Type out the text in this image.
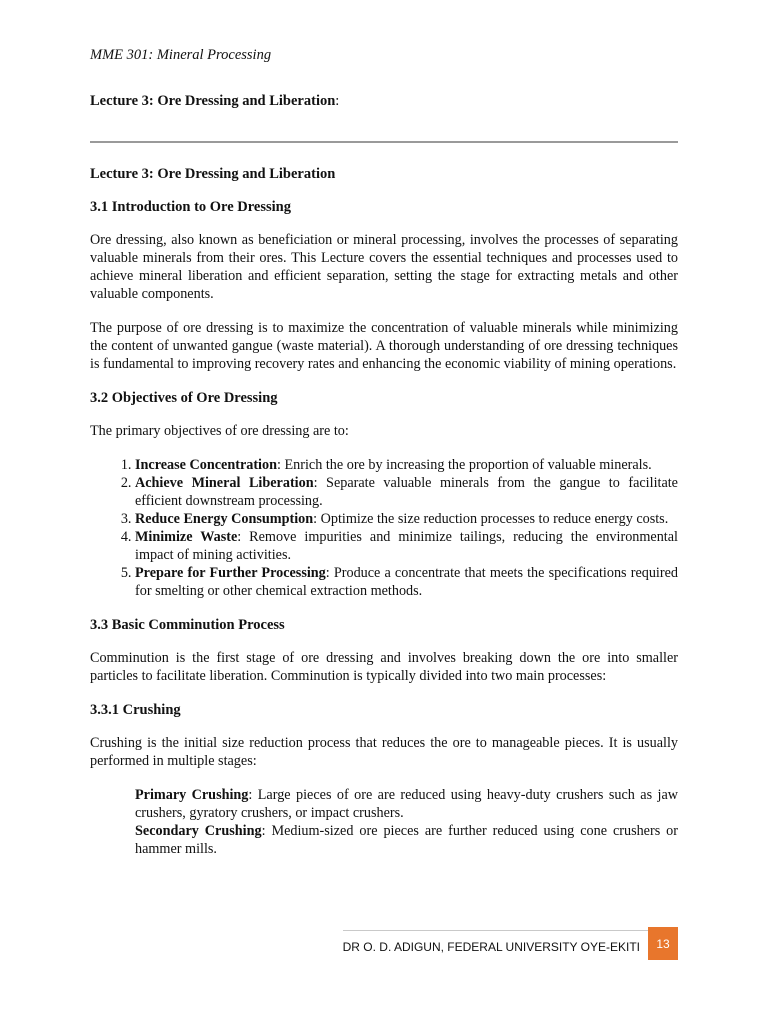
MME 301: Mineral Processing
Lecture 3: Ore Dressing and Liberation:
Lecture 3: Ore Dressing and Liberation
3.1 Introduction to Ore Dressing

Ore dressing, also known as beneficiation or mineral processing, involves the processes of separating valuable minerals from their ores. This Lecture covers the essential techniques and processes used to achieve mineral liberation and efficient separation, setting the stage for extracting metals and other valuable components.

The purpose of ore dressing is to maximize the concentration of valuable minerals while minimizing the content of unwanted gangue (waste material). A thorough understanding of ore dressing techniques is fundamental to improving recovery rates and enhancing the economic viability of mining operations.

3.2 Objectives of Ore Dressing

The primary objectives of ore dressing are to:

1. Increase Concentration: Enrich the ore by increasing the proportion of valuable minerals.
2. Achieve Mineral Liberation: Separate valuable minerals from the gangue to facilitate efficient downstream processing.
3. Reduce Energy Consumption: Optimize the size reduction processes to reduce energy costs.
4. Minimize Waste: Remove impurities and minimize tailings, reducing the environmental impact of mining activities.
5. Prepare for Further Processing: Produce a concentrate that meets the specifications required for smelting or other chemical extraction methods.
3.3 Basic Comminution Process

Comminution is the first stage of ore dressing and involves breaking down the ore into smaller particles to facilitate liberation. Comminution is typically divided into two main processes:

3.3.1 Crushing

Crushing is the initial size reduction process that reduces the ore to manageable pieces. It is usually performed in multiple stages:

Primary Crushing: Large pieces of ore are reduced using heavy-duty crushers such as jaw crushers, gyratory crushers, or impact crushers.
Secondary Crushing: Medium-sized ore pieces are further reduced using cone crushers or hammer mills.
DR O. D. ADIGUN, FEDERAL UNIVERSITY OYE-EKITI	13
